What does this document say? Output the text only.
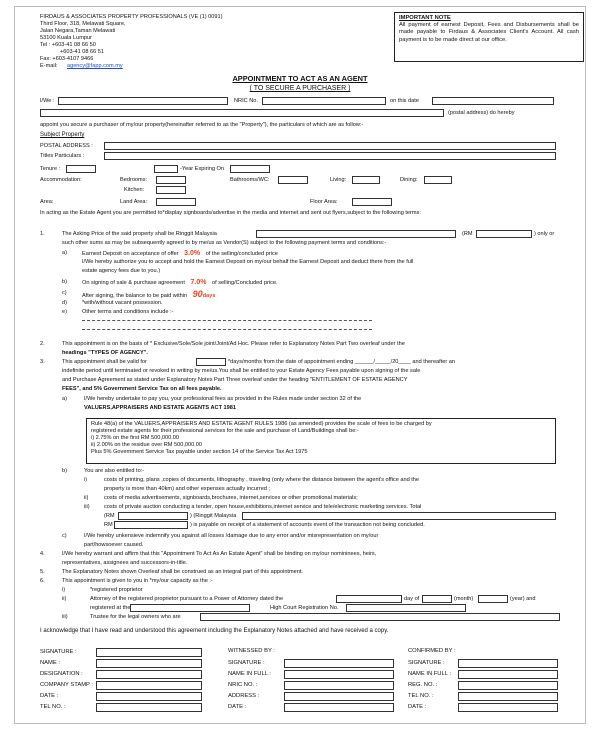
FIRDAUS & ASSOCIATES PROPERTY PROFESSIONALS (VE (1) 0091)
Third Floor, 318, Melawati Square,
Jalan Negara,Taman Melawati
53100 Kuala Lumpur
Tel : +603-41 08 66 50
+603-41 08 66 51
Fax: +603-4107 9466
E-mail: agency@fapp.com.my
IMPORTANT NOTE
All payment of earnest Deposit, Fees and Disbursements shall be made payable to Firdaus & Associates Client's Account. All cash payment is to be made direct at our office.
APPOINTMENT TO ACT AS AN AGENT
( TO SECURE A PURCHASER )
I/We :	NRIC No.	on this date
(postal address) do hereby
appoint you secure a purchaser of my/our property(hereinafter referred to as the "Property"), the particulars of which are as follow:-
Subject Property
POSTAL ADDRESS :
Titles Particulars :
Tenure :	-Year Expiring On
Accommodation:	Bedrooms:	Bathrooms/WC:	Living:	Dining:
Kitchen:
Area:	Land Area:	Floor Area:
In acting as the Estate Agent you are permitted to*display signboards/advertise in the media and internet and sent out flyers,subject to the following terms:
1.	The Asking Price of the said property shall be Ringgit Malaysia	(RM	) only or
such other sums as may be subsequently agreed to by me/us as Vendor(S) subject to the following payment terms and conditions:-
a)	Earnest Deposit on acceptance of offer 3.0% of the selling/concluded price
I/We hereby authorize you to accept and hold the Earnest Deposit on my/our behalf the Earnest Deposit and deduct there from the full
estate agency fees due to you.)
b)	On signing of sale & purchase agreement 7.0% of selling/Concluded price.
c)	After signing, the balance to be paid within 90days
d)	*with/without vacant possession.
e)	Other terms and conditions include :-
2.	This appointment is on the basis of * Exclusive/Sole/Sole joint/Joint/Ad Hoc. Please refer to Explanatory Notes Part Two overleaf under the
headings "TYPES OF AGENCY".
3.	This appointment shall be valid for	*days/months from the date of appointment ending ______/_____/20____ and thereafter an
indefinite period until terminated or revoked in writing by me/us.You shall be entitled to your Estate Agency Fees payable upon signing of the sale
and Purchase Agreement as stated under Explanatory Notes Part Three overleaf under the heading "ENTITLEMENT OF ESTATE AGENCY
FEES", and 5% Government Service Tax on all fees payable.
a)	I/We hereby undertake to pay you, your professional fees as provided in the Rules made under section 32 of the
VALUERS,APPRAISERS AND ESTATE AGENTS ACT 1981
Rule 48(a) of the VALUERS,APPRAISERS AND ESTATE AGENT RULES 1986 (as amended) provides the scale of fees to be charged by
registered estate agents for their professional services for the sale and purchase of Land/Buildings shall be:-
i) 2.75% on the first RM 500,000.00
ii) 2.00% on the residue over RM 500,000.00
Plus 5% Government Service Tax payable under section 14 of the Service Tax Act 1975
b)	You are also entitled to:-
i)	costs of printing, plans ,copies of documents, lithography , traveling (only where the distance between the agent's office and the
property is more than 40km) and other expenses actually incurred ;
ii)	costs of media advertisements, signboards,brochures, internet,services or other promotional materials;
iii)	costs of private auction conducting a tender, open house,exhibitions,internet service and tele/electronic marketing services. Total
(RM	) (Ringgit Malaysia
RM	) is payable on receipt of a statement of accounts event of the transaction not being concluded.
c)	I/We hereby unkensieve indemnify you against all losses /damage due to any error and/or misrepresentation on my/our
part/howsoever caused.
4.	I/We hereby warrant and affirm that this "Appointment To Act As An Estate Agent" shall be binding on my/our nomininees, heirs,
representatives, assignees and successors-in-title.
5.	The Explanatory Notes shown Overleaf shall be construed as an integral part of this appointment.
6.	This appointment is given to you in *my/our capacity as the :-
i)	*registered proprietor
ii)	Attorney of the registered proprietor pursuant to a Power of Attorney dated the	day of	(month)	(year) and
registered at the	High Court Registration No.
iii)	Trustee for the legal owners who are
I acknowledge that I have read and understood this agreement including the Explanatory Notes attached and have received a copy.
SIGNATURE :
NAME :
DESIGNATION :
COMPANY STAMP :
DATE :
TEL NO. :
WITNESSED BY :
SIGNATURE :
NAME IN FULL :
NRIC NO. :
ADDRESS :
DATE :
CONFIRMED BY :
SIGNATURE :
NAME IN FULL :
REG. NO. :
TEL NO. :
DATE :
